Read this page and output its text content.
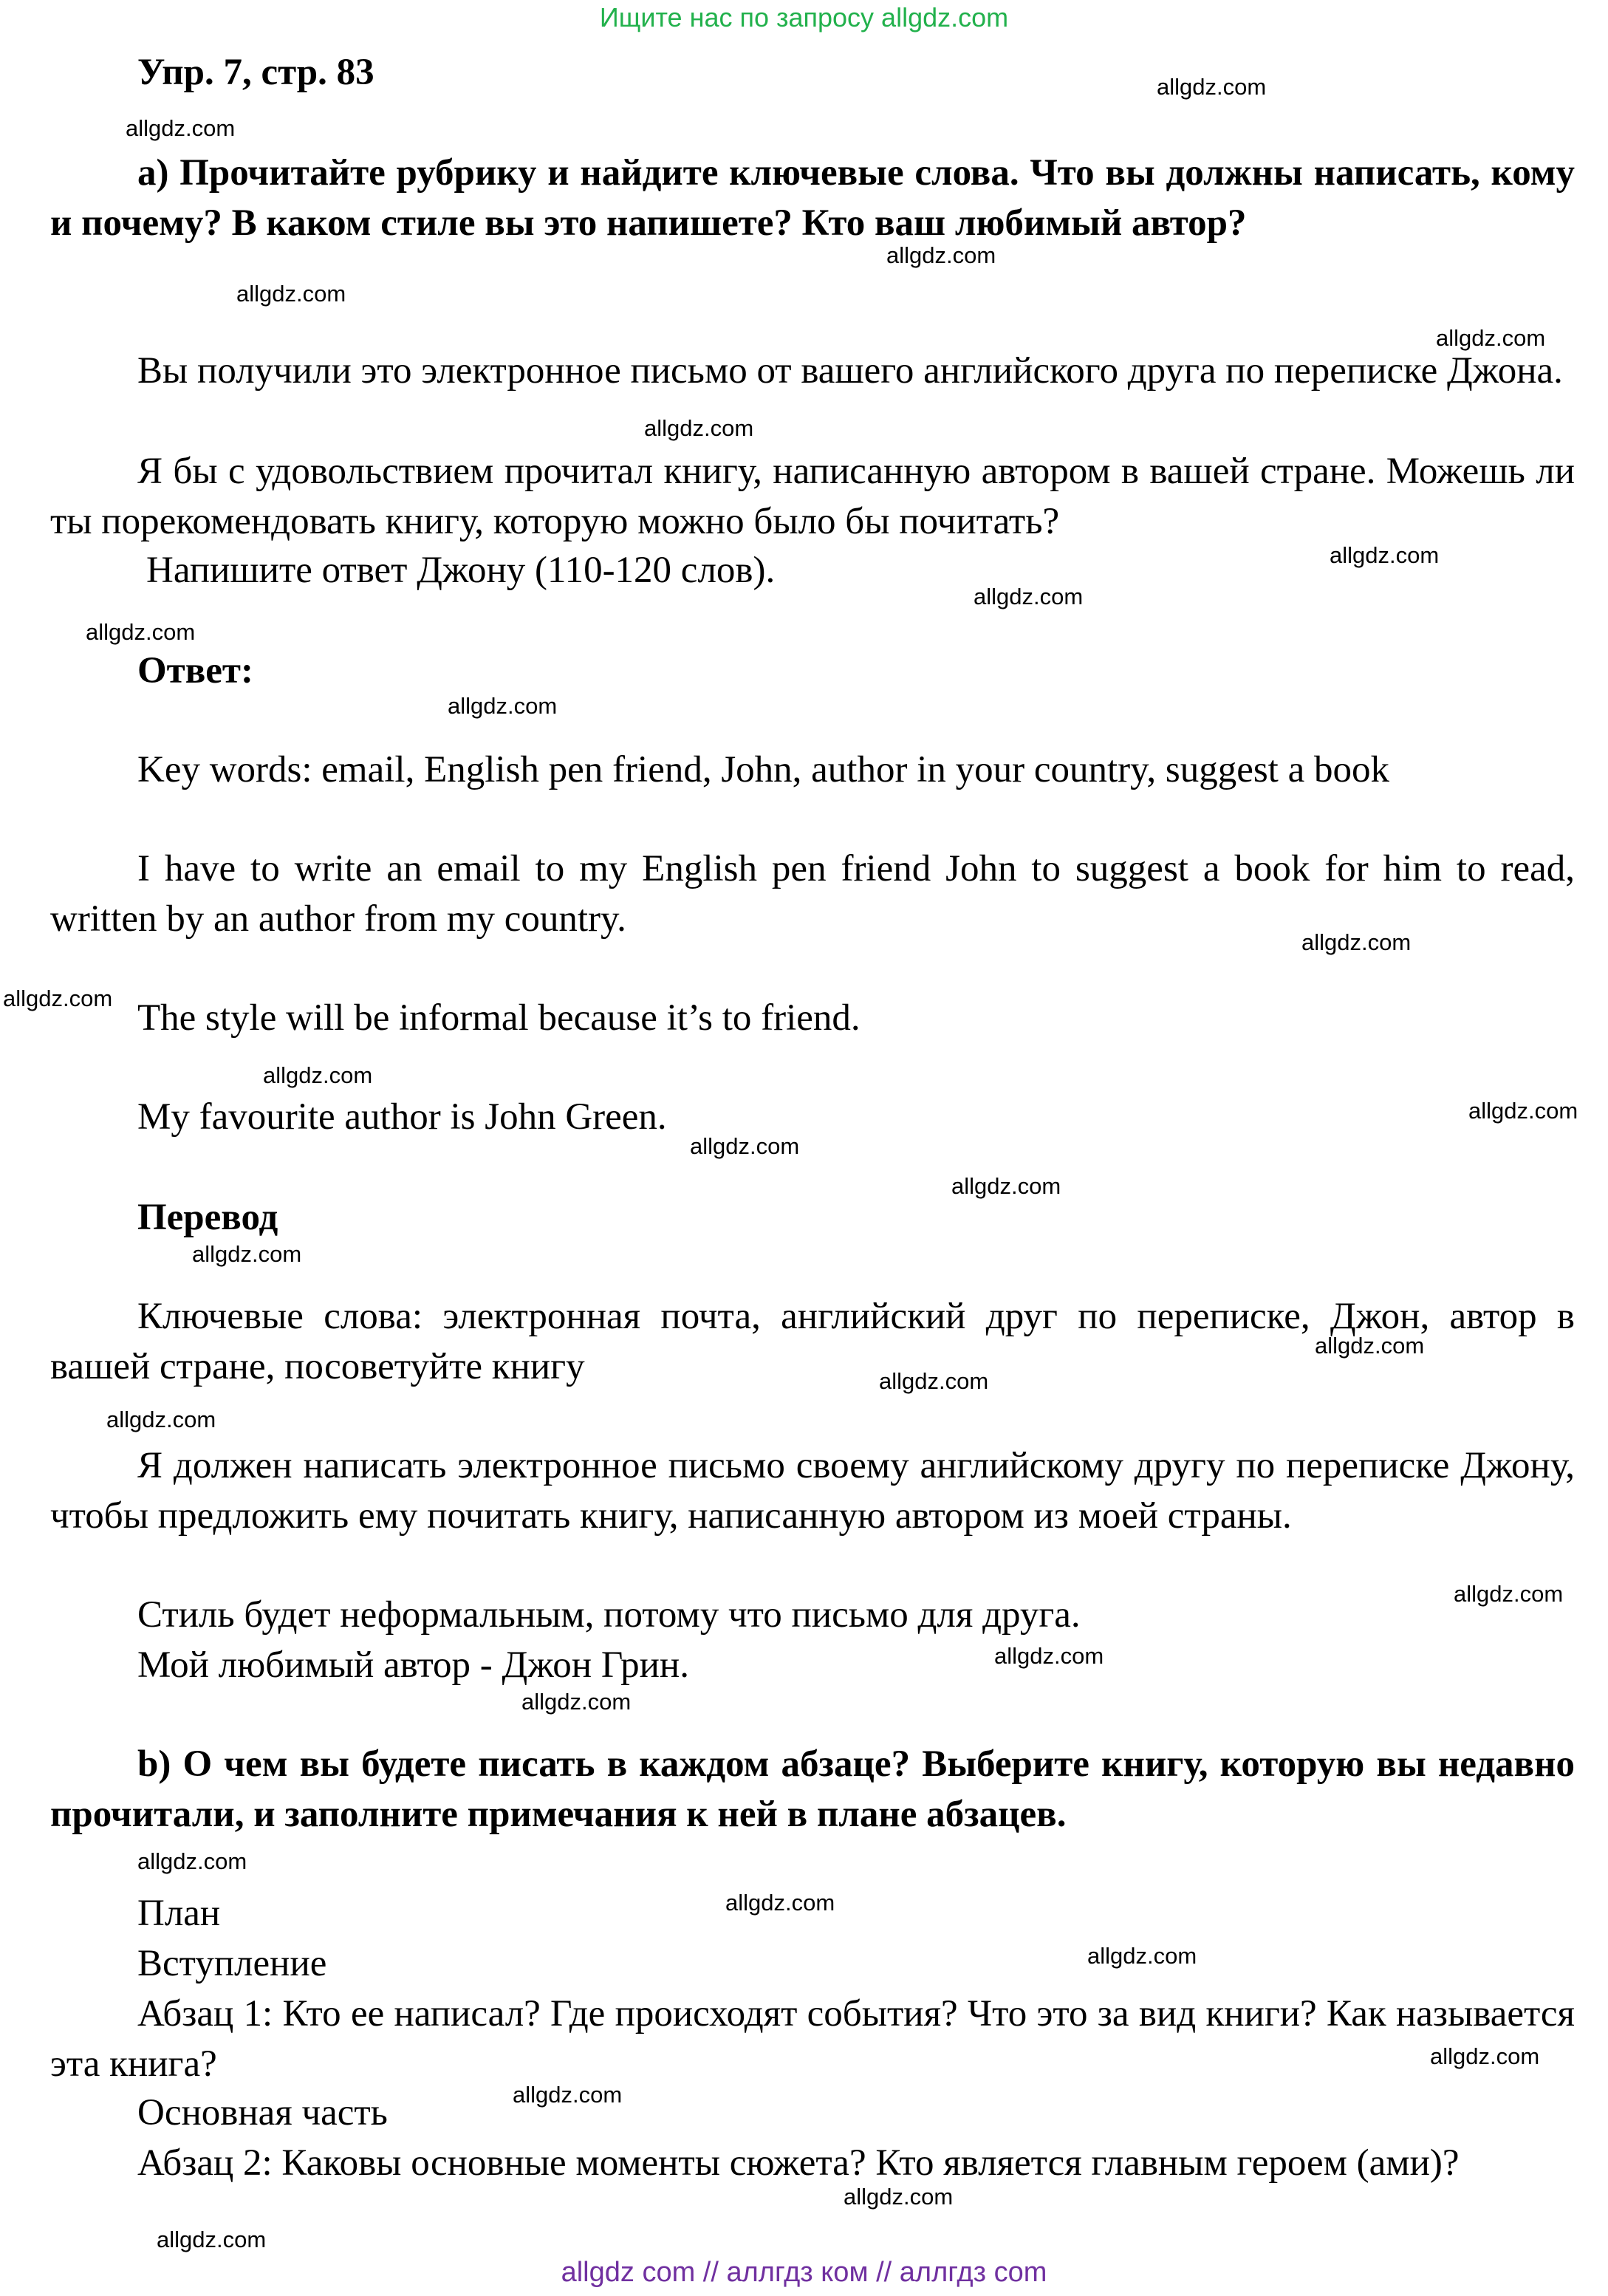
Ищите нас по запросу allgdz.com
Упр. 7, стр. 83
a) Прочитайте рубрику и найдите ключевые слова. Что вы должны написать, кому и почему? В каком стиле вы это напишете? Кто ваш любимый автор?
Вы получили это электронное письмо от вашего английского друга по переписке Джона.
Я бы с удовольствием прочитал книгу, написанную автором в вашей стране. Можешь ли ты порекомендовать книгу, которую можно было бы почитать?
Напишите ответ Джону (110-120 слов).
Ответ:
Key words: email, English pen friend, John, author in your country, suggest a book
I have to write an email to my English pen friend John to suggest a book for him to read, written by an author from my country.
The style will be informal because it’s to friend.
My favourite author is John Green.
Перевод
Ключевые слова: электронная почта, английский друг по переписке, Джон, автор в вашей стране, посоветуйте книгу
Я должен написать электронное письмо своему английскому другу по переписке Джону, чтобы предложить ему почитать книгу, написанную автором из моей страны.
Стиль будет неформальным, потому что письмо для друга.
Мой любимый автор - Джон Грин.
b) О чем вы будете писать в каждом абзаце? Выберите книгу, которую вы недавно прочитали, и заполните примечания к ней в плане абзацев.
План
Вступление
Абзац 1: Кто ее написал? Где происходят события? Что это за вид книги? Как называется эта книга?
Основная часть
Абзац 2: Каковы основные моменты сюжета? Кто является главным героем (ами)?
allgdz.com
allgdz.com
allgdz.com
allgdz.com
allgdz.com
allgdz.com
allgdz.com
allgdz.com
allgdz.com
allgdz.com
allgdz.com
allgdz.com
allgdz.com
allgdz.com
allgdz.com
allgdz.com
allgdz.com
allgdz.com
allgdz.com
allgdz.com
allgdz.com
allgdz.com
allgdz.com
allgdz.com
allgdz.com
allgdz.com
allgdz.com
allgdz.com
allgdz.com
allgdz.com
allgdz com // аллгдз ком // аллгдз com
